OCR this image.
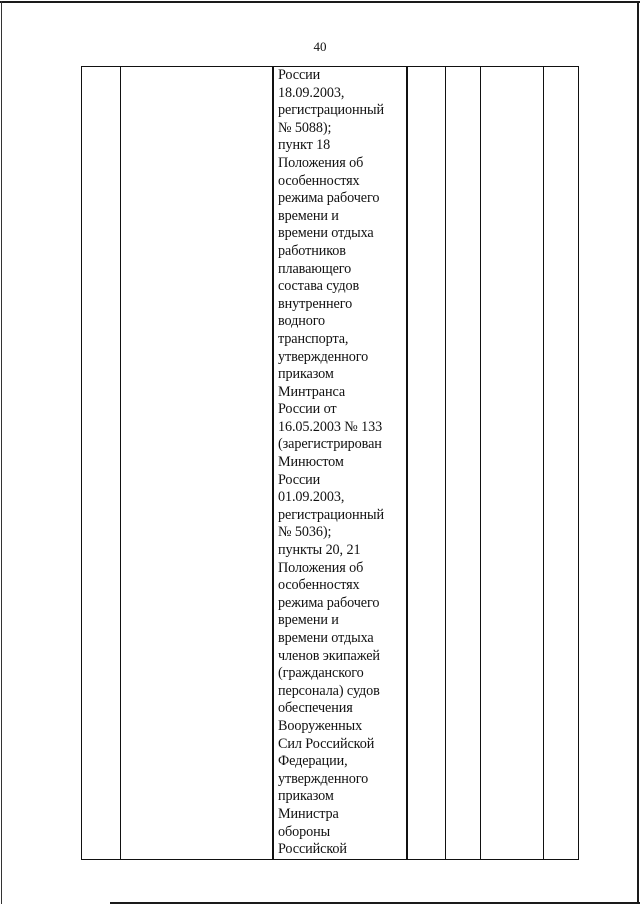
40

России
18.09.2003,
регистрационный
№ 5088);
пункт 18
Положения об
особенностях
режима рабочего
времени и
времени отдыха
работников
плавающего
состава судов
внутреннего
водного
транспорта,
утвержденного
приказом
Минтранса
России от
16.05.2003 № 133
(зарегистрирован
Минюстом
России
01.09.2003,
регистрационный
№ 5036);
пункты 20, 21
Положения об
особенностях
режима рабочего
времени и
времени отдыха
членов экипажей
(гражданского
персонала) судов
обеспечения
Вооруженных
Сил Российской
Федерации,
утвержденного
приказом
Министра
обороны
Российской
